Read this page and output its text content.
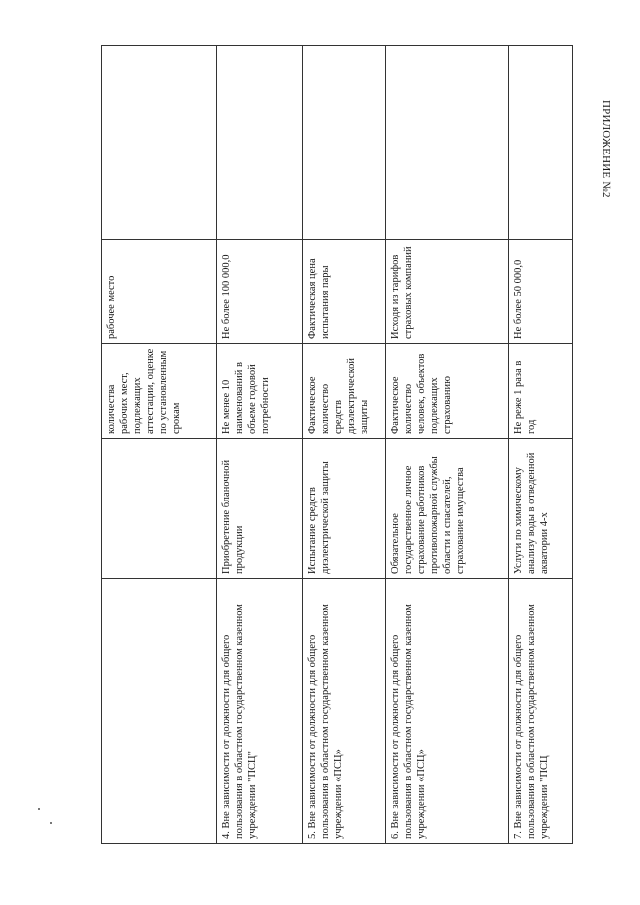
ПРИЛОЖЕНИЕ №2

		количества рабочих мест, подлежащих аттестации, оценке по установленным срокам	рабочее место	

4. Вне зависимости от должности для общего пользования в областном государственном казенном учреждении "ПСЦ"	Приобретение бланочной продукции	Не менее 10 наименований в объеме годовой потребности	Не более 100 000,0	

5. Вне зависимости от должности для общего пользования в областном государственном казенном учреждении «ПСЦ»	Испытание средств диэлектрической защиты	Фактическое количество средств диэлектрической защиты	Фактическая цена испытания пары	

6. Вне зависимости от должности для общего пользования в областном государственном казенном учреждении «ПСЦ»	Обязательное государственное личное страхование работников противопожарной службы области и спасателей, страхование имущества	Фактическое количество человек, объектов подлежащих страхованию	Исходя из тарифов страховых компаний	

7. Вне зависимости от должности для общего пользования в областном государственном казенном учреждении "ПСЦ	Услуги по химическому анализу воды в отведенной акватории 4-х	Не реже 1 раза в год	Не более 50 000,0	
